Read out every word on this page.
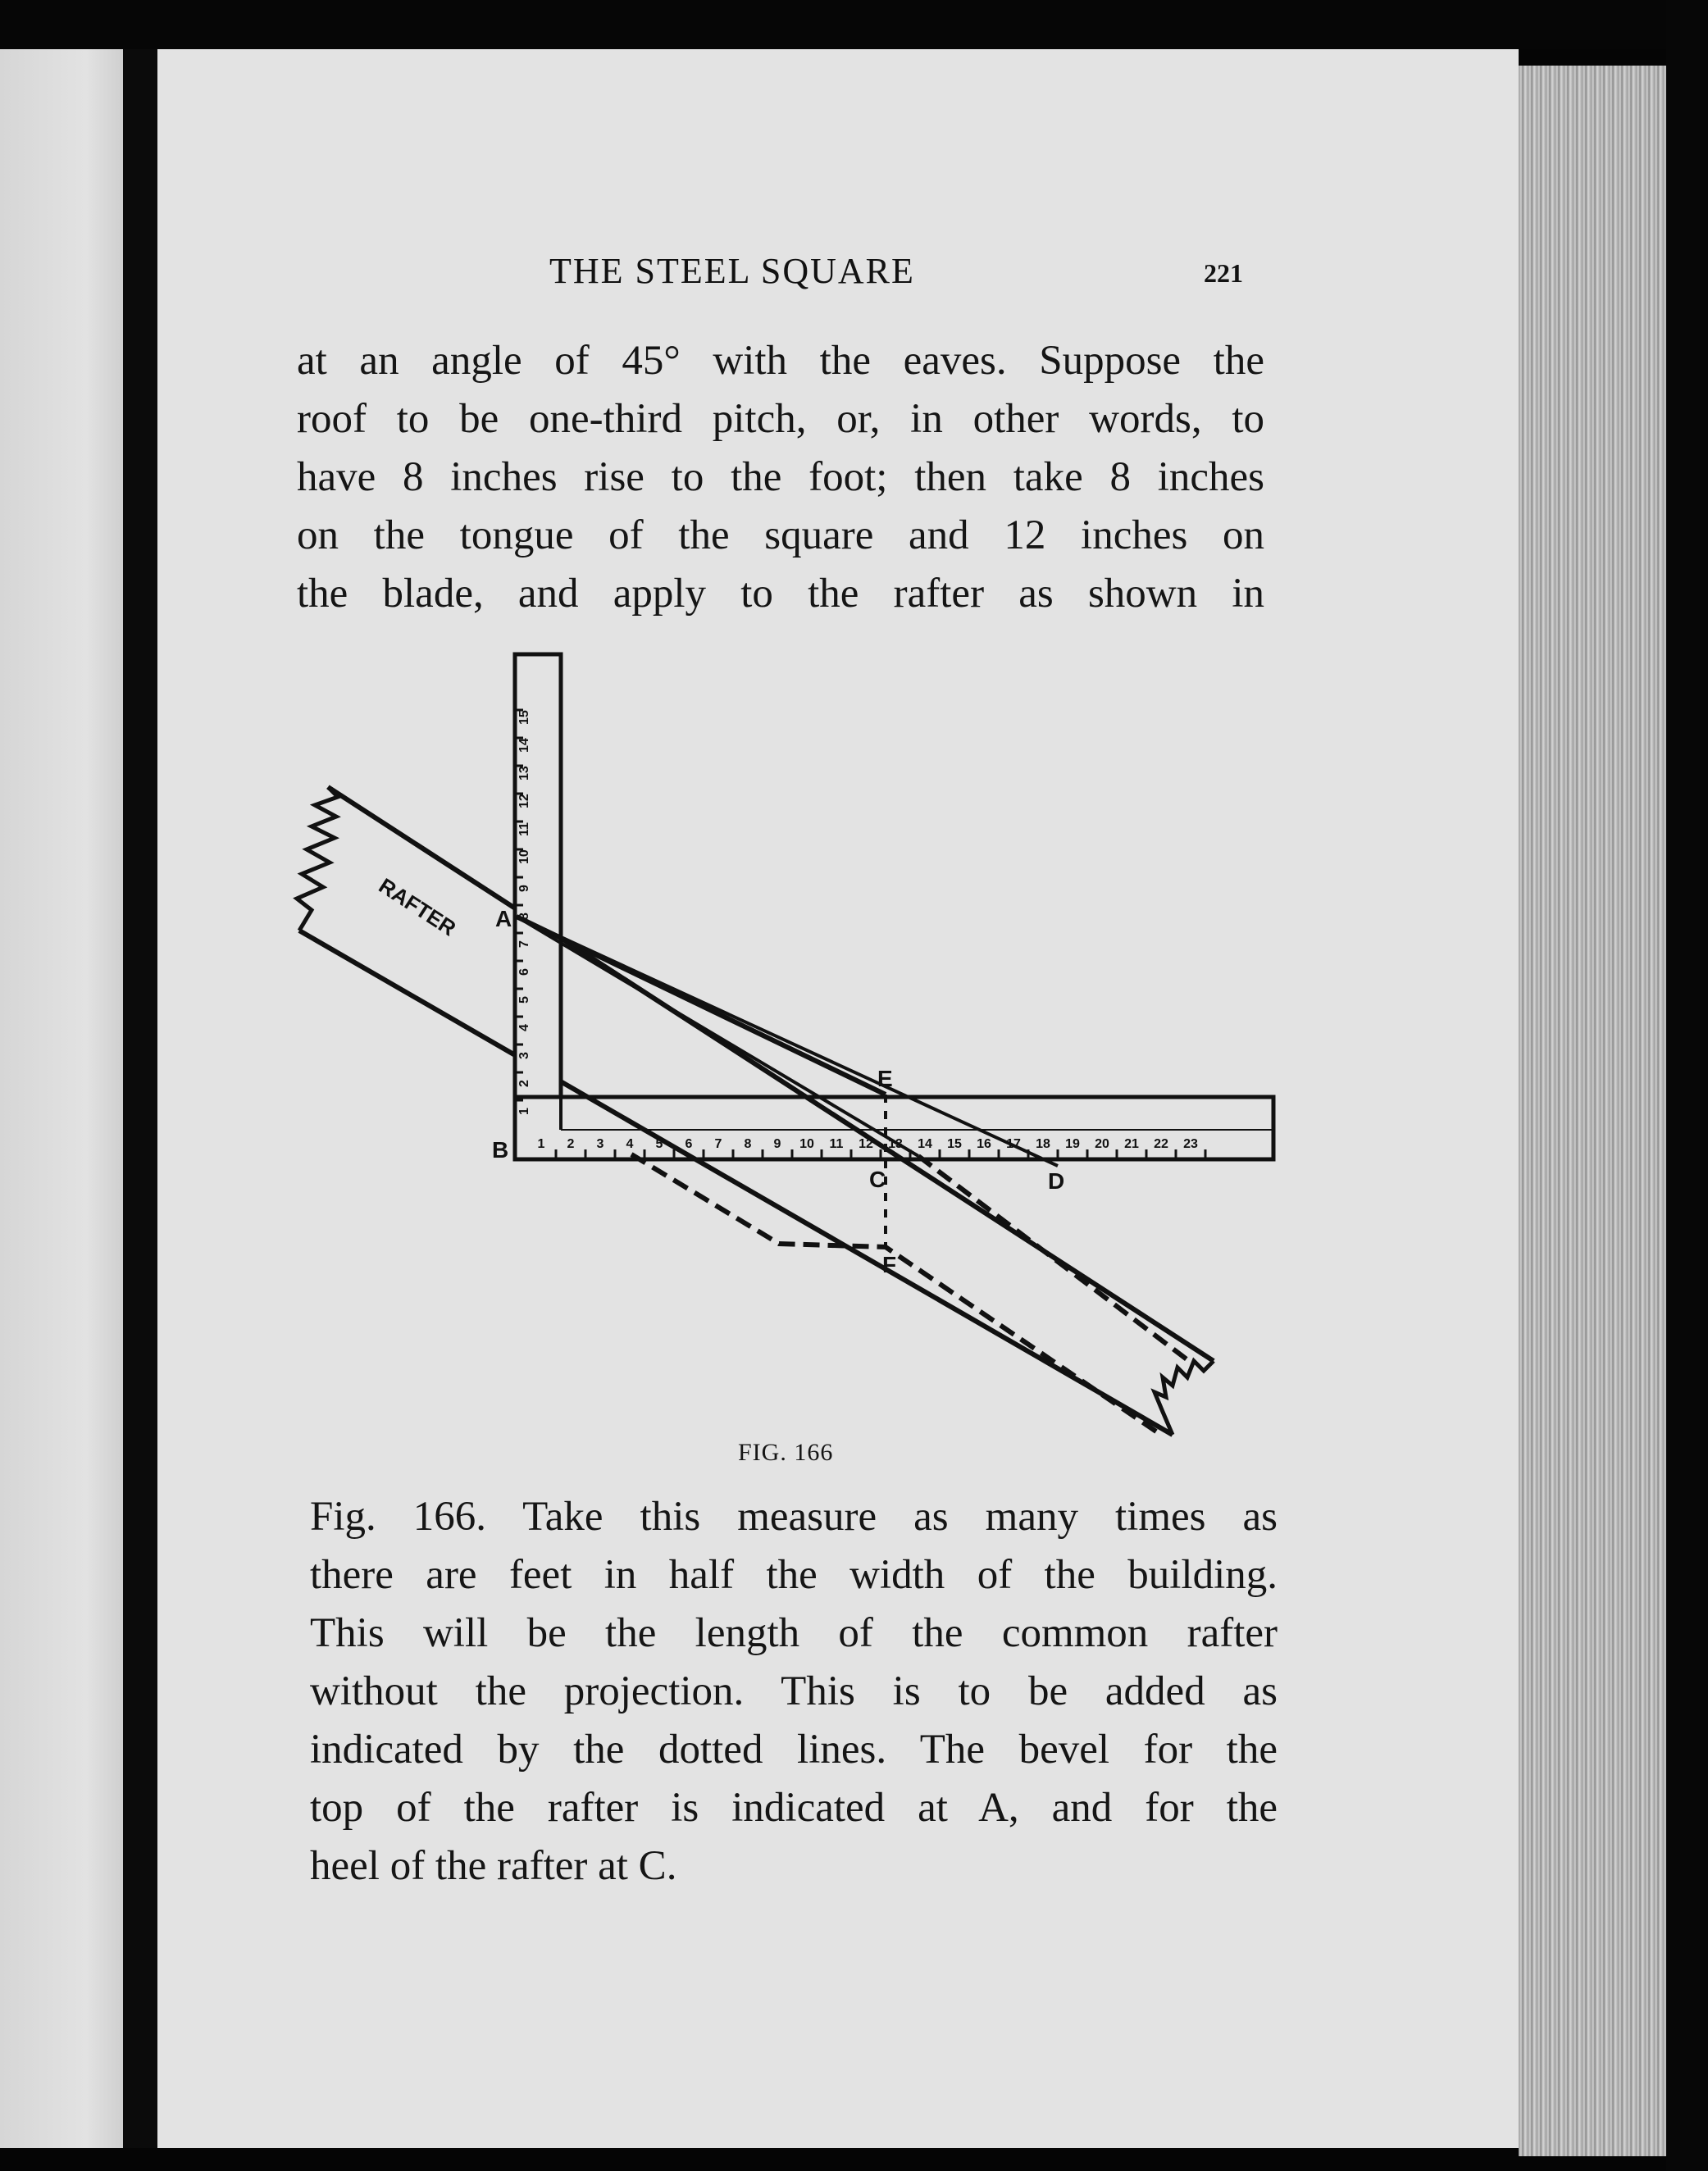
THE STEEL SQUARE	221
at an angle of 45° with the eaves. Suppose the
roof to be one-third pitch, or, in other words, to
have 8 inches rise to the foot; then take 8 inches
on the tongue of the square and 12 inches on
the blade, and apply to the rafter as shown in
RAFTER
1
2
3
4
5
6
7
8
9
10
11
12
13
14
15
1 2 3 4 5 6 7 8 9 10 11 12 13 14 15 16 17 18 19 20 21 22 23
A
B
C	D
E
F
FIG. 166
Fig. 166. Take this measure as many times as
there are feet in half the width of the building.
This will be the length of the common rafter
without the projection. This is to be added as
indicated by the dotted lines. The bevel for the
top of the rafter is indicated at A, and for the
heel of the rafter at C.
